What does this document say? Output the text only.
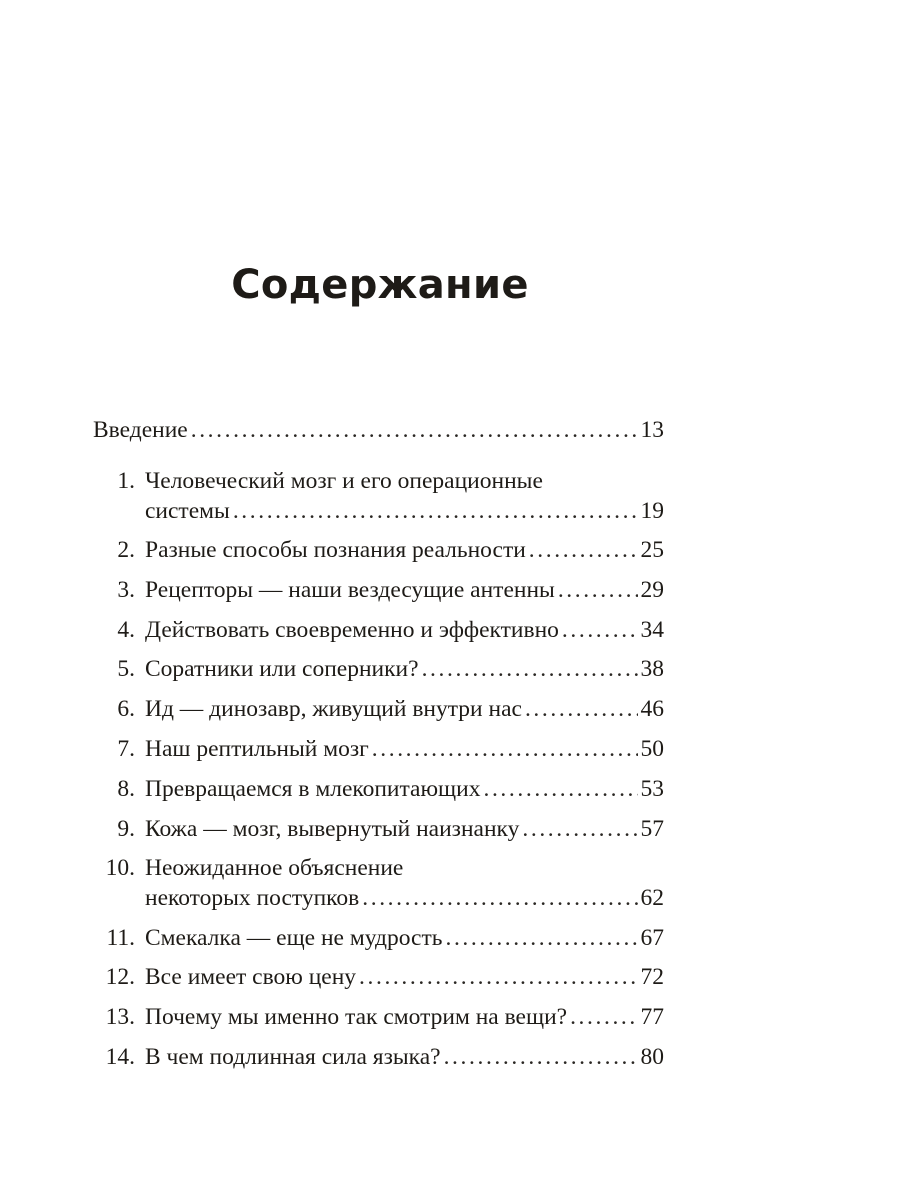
Содержание
Введение .....	13
1. Человеческий мозг и его операционные
системы .....	19
2. Разные способы познания реальности .....	25
3. Рецепторы — наши вездесущие антенны .....	29
4. Действовать своевременно и эффективно .....	34
5. Соратники или соперники? .....	38
6. Ид — динозавр, живущий внутри нас .....	46
7. Наш рептильный мозг .....	50
8. Превращаемся в млекопитающих .....	53
9. Кожа — мозг, вывернутый наизнанку .....	57
10. Неожиданное объяснение
некоторых поступков .....	62
11. Смекалка — еще не мудрость .....	67
12. Все имеет свою цену .....	72
13. Почему мы именно так смотрим на вещи? .....	77
14. В чем подлинная сила языка? .....	80
